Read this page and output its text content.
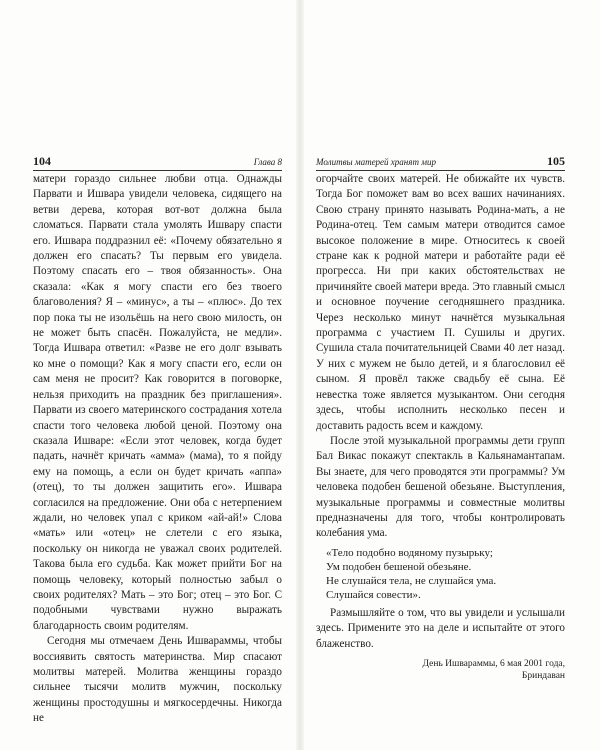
104	Глава 8

матери гораздо сильнее любви отца. Однажды Парвати и Ишвара увидели человека, сидящего на ветви дерева, которая вот-вот должна была сломаться. Парвати стала умолять Ишвару спасти его. Ишвара поддразнил её: «Почему обязательно я должен его спасать? Ты первым его увидела. Поэтому спасать его – твоя обязанность». Она сказала: «Как я могу спасти его без твоего благоволения? Я – «минус», а ты – «плюс». До тех пор пока ты не изольёшь на него свою милость, он не может быть спасён. Пожалуйста, не медли». Тогда Ишвара ответил: «Разве не его долг взывать ко мне о помощи? Как я могу спасти его, если он сам меня не просит? Как говорится в поговорке, нельзя приходить на праздник без приглашения». Парвати из своего материнского сострадания хотела спасти того человека любой ценой. Поэтому она сказала Ишваре: «Если этот человек, когда будет падать, начнёт кричать «амма» (мама), то я пойду ему на помощь, а если он будет кричать «аппа» (отец), то ты должен защитить его». Ишвара согласился на предложение. Они оба с нетерпением ждали, но человек упал с криком «ай-ай!» Слова «мать» или «отец» не слетели с его языка, поскольку он никогда не уважал своих родителей. Такова была его судьба. Как может прийти Бог на помощь человеку, который полностью забыл о своих родителях? Мать – это Бог; отец – это Бог. С подобными чувствами нужно выражать благодарность своим родителям.

Сегодня мы отмечаем День Ишвараммы, чтобы воссиявить святость материнства. Мир спасают молитвы матерей. Молитва женщины гораздо сильнее тысячи молитв мужчин, поскольку женщины простодушны и мягкосердечны. Никогда не

Молитвы матерей хранят мир	105

огорчайте своих матерей. Не обижайте их чувств. Тогда Бог поможет вам во всех ваших начинаниях. Свою страну принято называть Родина-мать, а не Родина-отец. Тем самым матери отводится самое высокое положение в мире. Относитесь к своей стране как к родной матери и работайте ради её прогресса. Ни при каких обстоятельствах не причиняйте своей матери вреда. Это главный смысл и основное поучение сегодняшнего праздника. Через несколько минут начнётся музыкальная программа с участием П. Сушилы и других. Сушила стала почитательницей Свами 40 лет назад. У них с мужем не было детей, и я благословил её сыном. Я провёл также свадьбу её сына. Её невестка тоже является музыкантом. Они сегодня здесь, чтобы исполнить несколько песен и доставить радость всем и каждому.

После этой музыкальной программы дети групп Бал Викас покажут спектакль в Кальянамантапам. Вы знаете, для чего проводятся эти программы? Ум человека подобен бешеной обезьяне. Выступления, музыкальные программы и совместные молитвы предназначены для того, чтобы контролировать колебания ума.

«Тело подобно водяному пузырьку;
Ум подобен бешеной обезьяне.
Не слушайся тела, не слушайся ума.
Слушайся совести».

Размышляйте о том, что вы увидели и услышали здесь. Примените это на деле и испытайте от этого блаженство.

День Ишвараммы, 6 мая 2001 года,
Бриндаван
